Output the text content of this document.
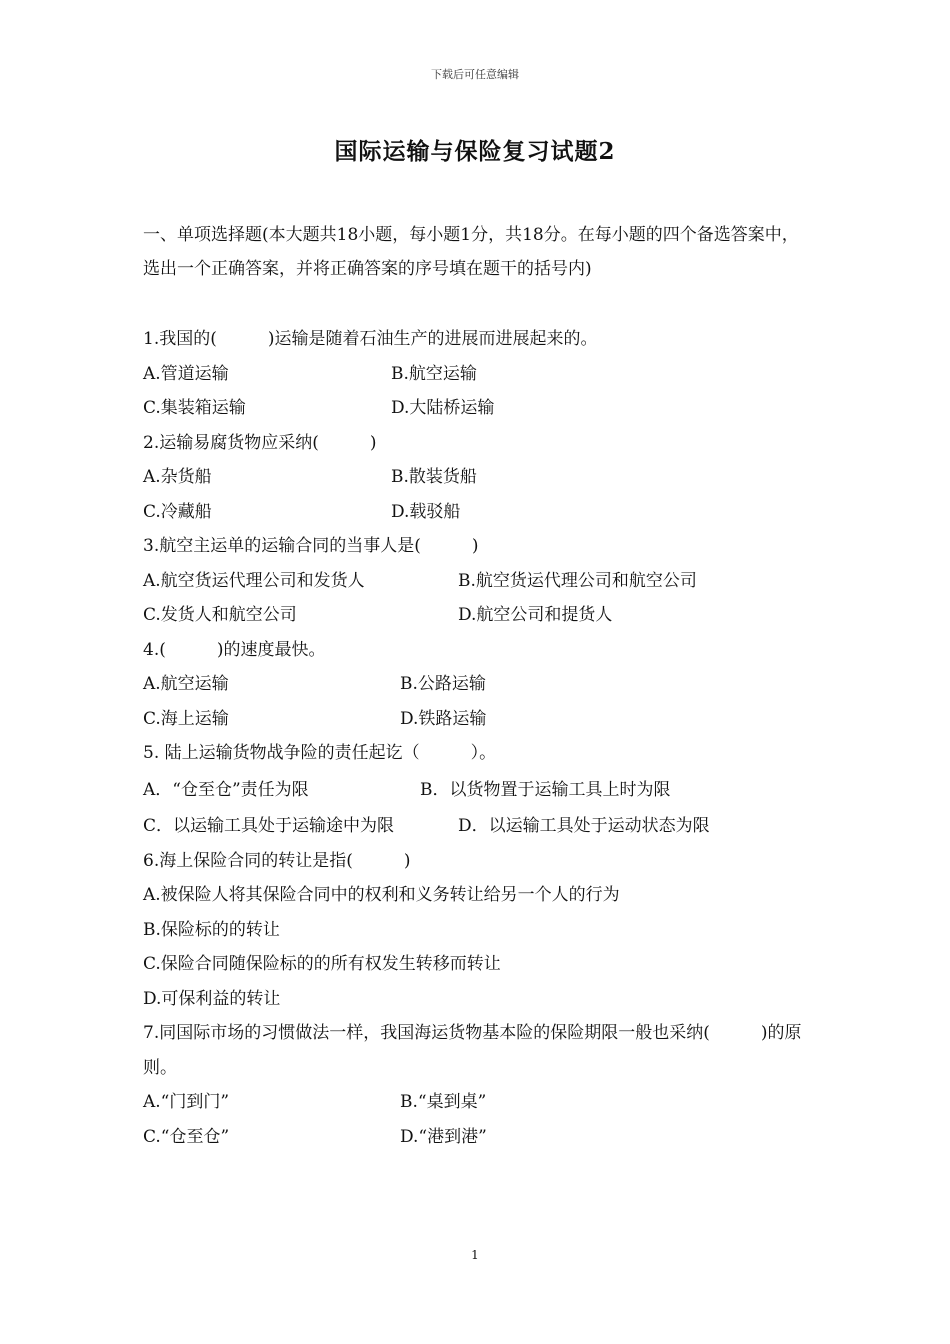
下载后可任意编辑
国际运输与保险复习试题2
一、单项选择题(本大题共18小题，每小题1分，共18分。在每小题的四个备选答案中，选出一个正确答案，并将正确答案的序号填在题干的括号内)
1.我国的(　　　)运输是随着石油生产的进展而进展起来的。
A.管道运输	B.航空运输
C.集装箱运输	D.大陆桥运输
2.运输易腐货物应采纳(　　　)
A.杂货船	B.散装货船
C.冷藏船	D.载驳船
3.航空主运单的运输合同的当事人是(　　　)
A.航空货运代理公司和发货人	B.航空货运代理公司和航空公司
C.发货人和航空公司	D.航空公司和提货人
4.(　　　)的速度最快。
A.航空运输	B.公路运输
C.海上运输	D.铁路运输
5. 陆上运输货物战争险的责任起讫（　　　）。
A．“仓至仓”责任为限	B．以货物置于运输工具上时为限
C．以运输工具处于运输途中为限	D．以运输工具处于运动状态为限
6.海上保险合同的转让是指(　　　)
A.被保险人将其保险合同中的权利和义务转让给另一个人的行为
B.保险标的的转让
C.保险合同随保险标的的所有权发生转移而转让
D.可保利益的转让
7.同国际市场的习惯做法一样，我国海运货物基本险的保险期限一般也采纳(　　　)的原则。
A.“门到门”	B.“桌到桌”
C.“仓至仓”	D.“港到港”
1
